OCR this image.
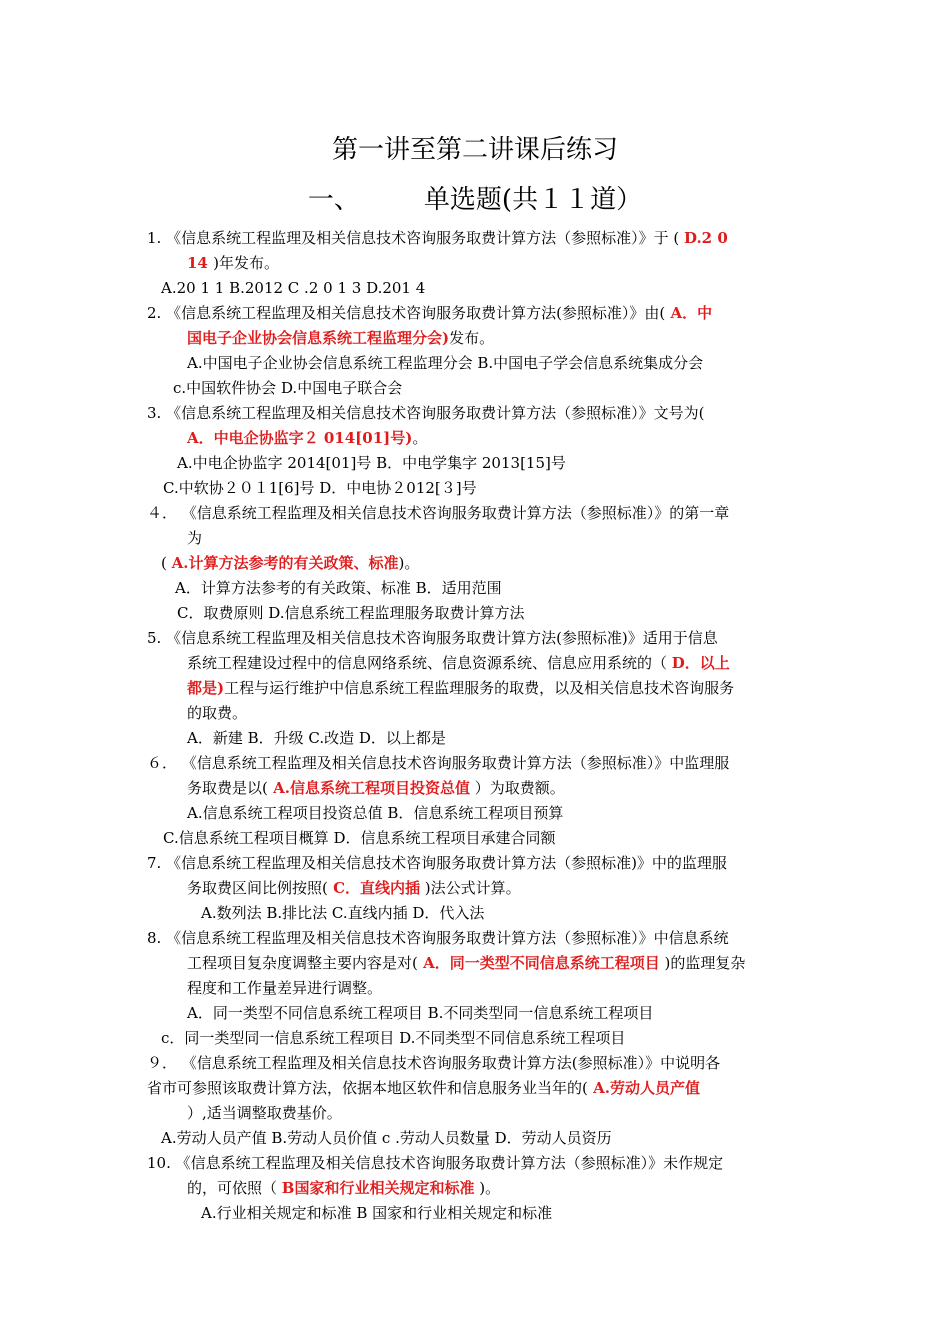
第一讲至第二讲课后练习
一、 单选题(共１１道）
1. 《信息系统工程监理及相关信息技术咨询服务取费计算方法（参照标准）》于 ( D.2 0
14 )年发布。
A.20 1 1 B.2012 C .2 0 1 3 D.201 4
2. 《信息系统工程监理及相关信息技术咨询服务取费计算方法(参照标准）》由( A．中
国电子企业协会信息系统工程监理分会)发布。
A.中国电子企业协会信息系统工程监理分会 B.中国电子学会信息系统集成分会
c.中国软件协会 D.中国电子联合会
3. 《信息系统工程监理及相关信息技术咨询服务取费计算方法（参照标准）》文号为(
A．中电企协监字２ 014[01]号)。
A.中电企协监字 2014[01]号 B．中电学集字 2013[15]号
C.中软协２０１1[6]号 D．中电协２012[３]号
４． 《信息系统工程监理及相关信息技术咨询服务取费计算方法（参照标准）》的第一章
为
( A.计算方法参考的有关政策、标准)。
A．计算方法参考的有关政策、标准 B．适用范围
C．取费原则 D.信息系统工程监理服务取费计算方法
5. 《信息系统工程监理及相关信息技术咨询服务取费计算方法(参照标准)》适用于信息
系统工程建设过程中的信息网络系统、信息资源系统、信息应用系统的（ D．以上
都是)工程与运行维护中信息系统工程监理服务的取费，以及相关信息技术咨询服务
的取费。
A．新建 B．升级 C.改造 D．以上都是
６． 《信息系统工程监理及相关信息技术咨询服务取费计算方法（参照标准）》中监理服
务取费是以( A.信息系统工程项目投资总值 ）为取费额。
A.信息系统工程项目投资总值 B．信息系统工程项目预算
C.信息系统工程项目概算 D．信息系统工程项目承建合同额
7. 《信息系统工程监理及相关信息技术咨询服务取费计算方法（参照标准)》中的监理服
务取费区间比例按照( C．直线内插 )法公式计算。
A.数列法 B.排比法 C.直线内插 D．代入法
8. 《信息系统工程监理及相关信息技术咨询服务取费计算方法（参照标准）》中信息系统
工程项目复杂度调整主要内容是对( A．同一类型不同信息系统工程项目 )的监理复杂
程度和工作量差异进行调整。
A．同一类型不同信息系统工程项目 B.不同类型同一信息系统工程项目
c．同一类型同一信息系统工程项目 D.不同类型不同信息系统工程项目
９． 《信息系统工程监理及相关信息技术咨询服务取费计算方法(参照标准）》中说明各
省市可参照该取费计算方法，依据本地区软件和信息服务业当年的( A.劳动人员产值
）,适当调整取费基价。
A.劳动人员产值 B.劳动人员价值 c .劳动人员数量 D．劳动人员资历
10. 《信息系统工程监理及相关信息技术咨询服务取费计算方法（参照标准）》未作规定
的，可依照（ B国家和行业相关规定和标准 )。
A.行业相关规定和标准 B 国家和行业相关规定和标准
